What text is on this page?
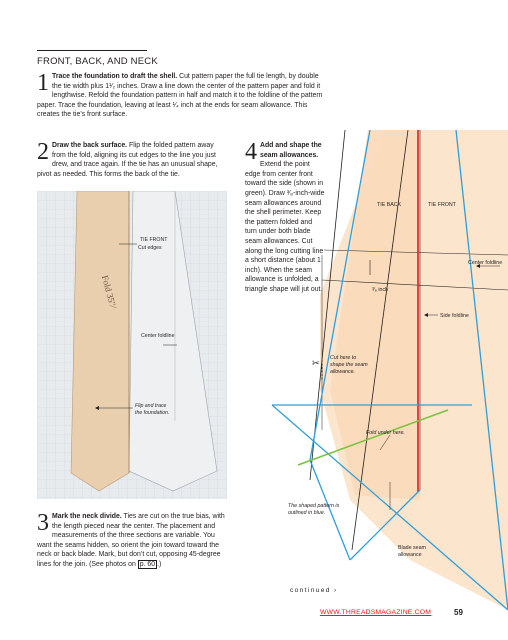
FRONT, BACK, AND NECK
1 Trace the foundation to draft the shell. Cut pattern paper the full tie length, by double the tie width plus 1¹⁄₂ inches. Draw a line down the center of the pattern paper and fold it lengthwise. Refold the foundation pattern in half and match it to the foldline of the pattern paper. Trace the foundation, leaving at least ¹⁄₄ inch at the ends for seam allowance. This creates the tie’s front surface.
2 Draw the back surface. Flip the folded pattern away from the fold, aligning its cut edges to the line you just drew, and trace again. If the tie has an unusual shape, pivot as needed. This forms the back of the tie.
Fold 35"⁄
TIE FRONT
Cut edges
Center foldline
Flip and trace the foundation.
3 Mark the neck divide. Ties are cut on the true bias, with the length pieced near the center. The placement and measurements of the three sections are variable. You want the seams hidden, so orient the join toward toward the neck or back blade. Mark, but don’t cut, opposing 45-degree lines for the join. (See photos on p. 60 .)
4 Add and shape the seam allowances. Extend the point edge from center front toward the side (shown in green). Draw ³⁄₈-inch-wide seam allowances around the shell perimeter. Keep the pattern folded and turn under both blade seam allowances. Cut along the long cutting line a short distance (about 1 inch). When the seam allowance is unfolded, a triangle shape will jut out.
✂
TIE BACK	TIE FRONT
Center foldline
Side foldline
³⁄₈ inch
Cut here to shape the seam allowance.
Fold under here.
The shaped pattern is outlined in blue.
Blade seam allowance
continued ›
WWW.THREADSMAGAZINE.COM	59
